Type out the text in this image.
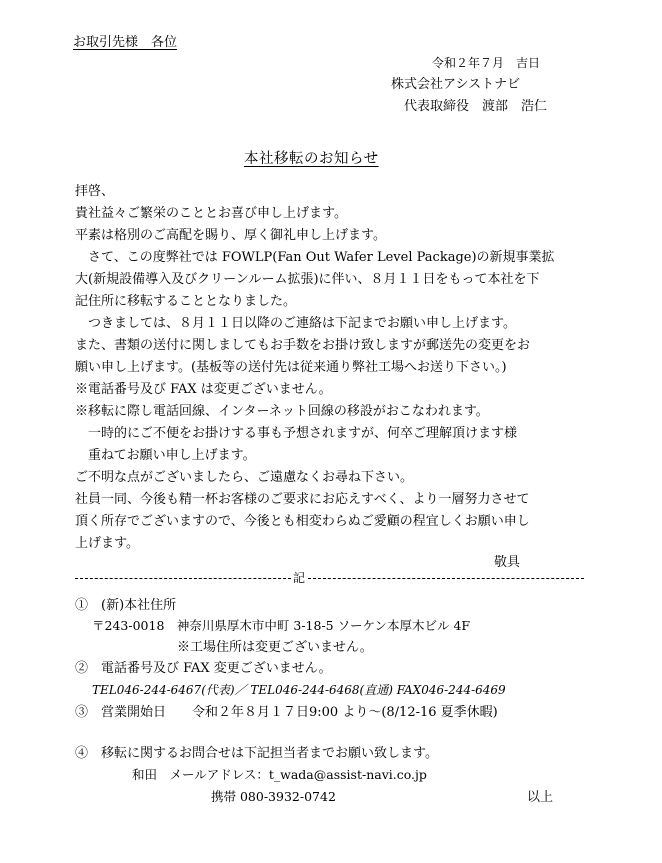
お取引先様　各位
令和２年７月　吉日
株式会社アシストナビ
代表取締役　渡部　浩仁
本社移転のお知らせ
拝啓、
貴社益々ご繁栄のこととお喜び申し上げます。
平素は格別のご高配を賜り、厚く御礼申し上げます。
　さて、この度弊社では FOWLP(Fan Out Wafer Level Package)の新規事業拡
大(新規設備導入及びクリーンルーム拡張)に伴い、８月１１日をもって本社を下
記住所に移転することとなりました。
　つきましては、８月１１日以降のご連絡は下記までお願い申し上げます。
また、書類の送付に関しましてもお手数をお掛け致しますが郵送先の変更をお
願い申し上げます。(基板等の送付先は従来通り弊社工場へお送り下さい。)
※電話番号及び FAX は変更ございません。
※移転に際し電話回線、インターネット回線の移設がおこなわれます。
　一時的にご不便をお掛けする事も予想されますが、何卒ご理解頂けます様
　重ねてお願い申し上げます。
ご不明な点がございましたら、ご遠慮なくお尋ね下さい。
社員一同、今後も精一杯お客様のご要求にお応えすべく、より一層努力させて
頂く所存でございますので、今後とも相変わらぬご愛顧の程宜しくお願い申し
上げます。
敬具
記
①　(新)本社住所
〒243-0018　神奈川県厚木市中町 3-18-5 ソーケン本厚木ビル 4F
※工場住所は変更ございません。
②　電話番号及び FAX 変更ございません。
TEL046-244-6467(代表)／ TEL046-244-6468(直通) FAX046-244-6469
③　営業開始日　　令和２年８月１７日9:00 より～(8/12-16 夏季休暇)
④　移転に関するお問合せは下記担当者までお願い致します。
和田　メールアドレス：t_wada@assist-navi.co.jp
携帯 080-3932-0742	以上
